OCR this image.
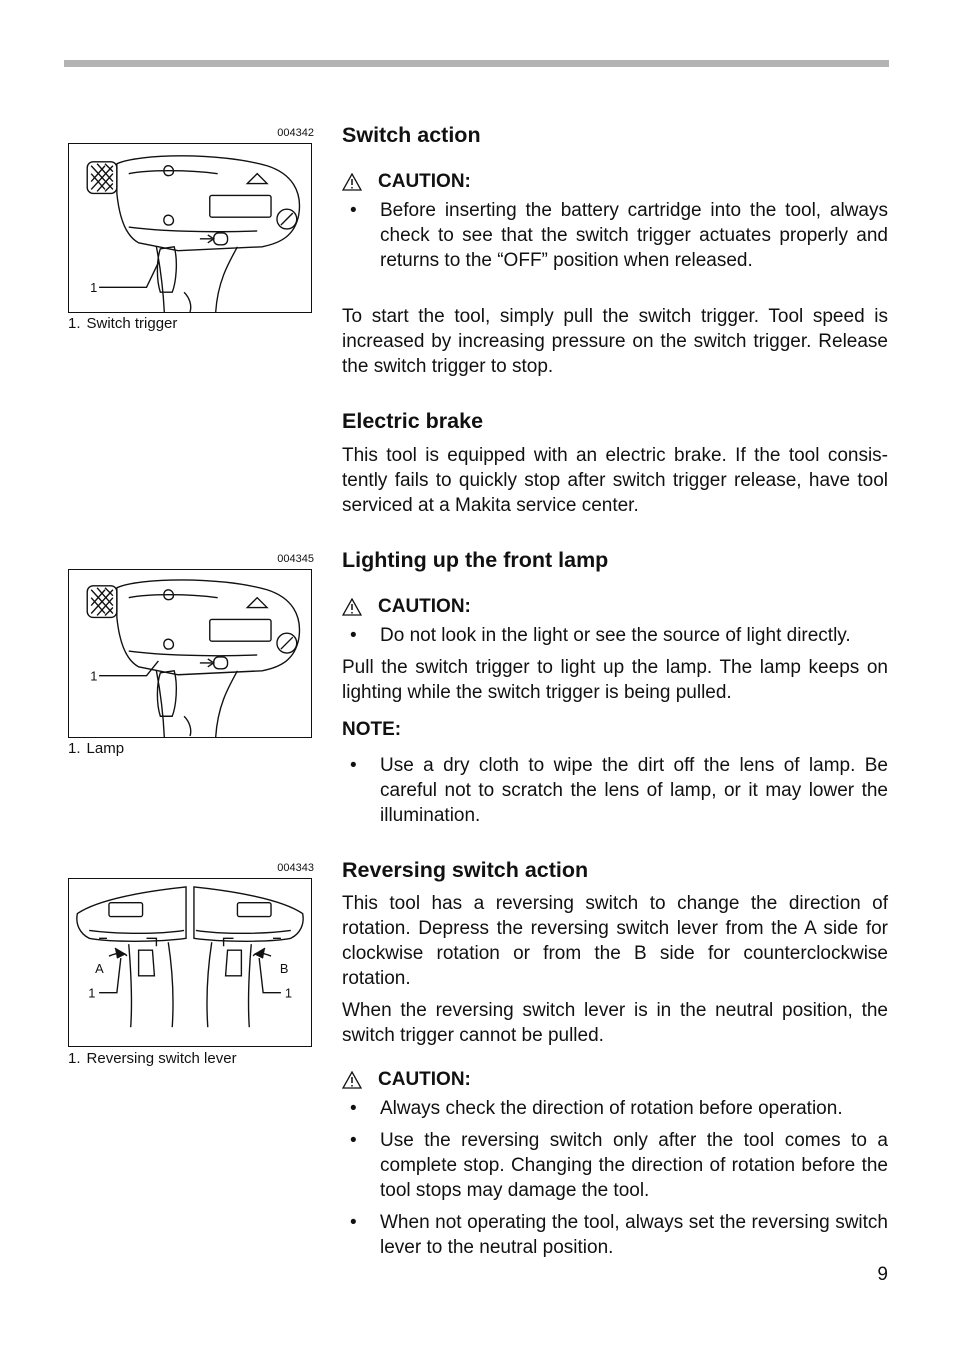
004342
1
1. Switch trigger
004345
1
1. Lamp
004343
A	B
1	1
1. Reversing switch lever
Switch action
CAUTION:
• Before inserting the battery cartridge into the tool, always check to see that the switch trigger actuates properly and returns to the “OFF” position when released.

To start the tool, simply pull the switch trigger. Tool speed is increased by increasing pressure on the switch trigger. Release the switch trigger to stop.

Electric brake

This tool is equipped with an electric brake. If the tool consis-tently fails to quickly stop after switch trigger release, have tool serviced at a Makita service center.

Lighting up the front lamp
CAUTION:
• Do not look in the light or see the source of light directly.

Pull the switch trigger to light up the lamp. The lamp keeps on lighting while the switch trigger is being pulled.

NOTE:
• Use a dry cloth to wipe the dirt off the lens of lamp. Be careful not to scratch the lens of lamp, or it may lower the illumination.
Reversing switch action

This tool has a reversing switch to change the direction of rotation. Depress the reversing switch lever from the A side for clockwise rotation or from the B side for counterclockwise rotation.

When the reversing switch lever is in the neutral position, the switch trigger cannot be pulled.

CAUTION:
• Always check the direction of rotation before operation.
• Use the reversing switch only after the tool comes to a complete stop. Changing the direction of rotation before the tool stops may damage the tool.
• When not operating the tool, always set the reversing switch lever to the neutral position.
9
